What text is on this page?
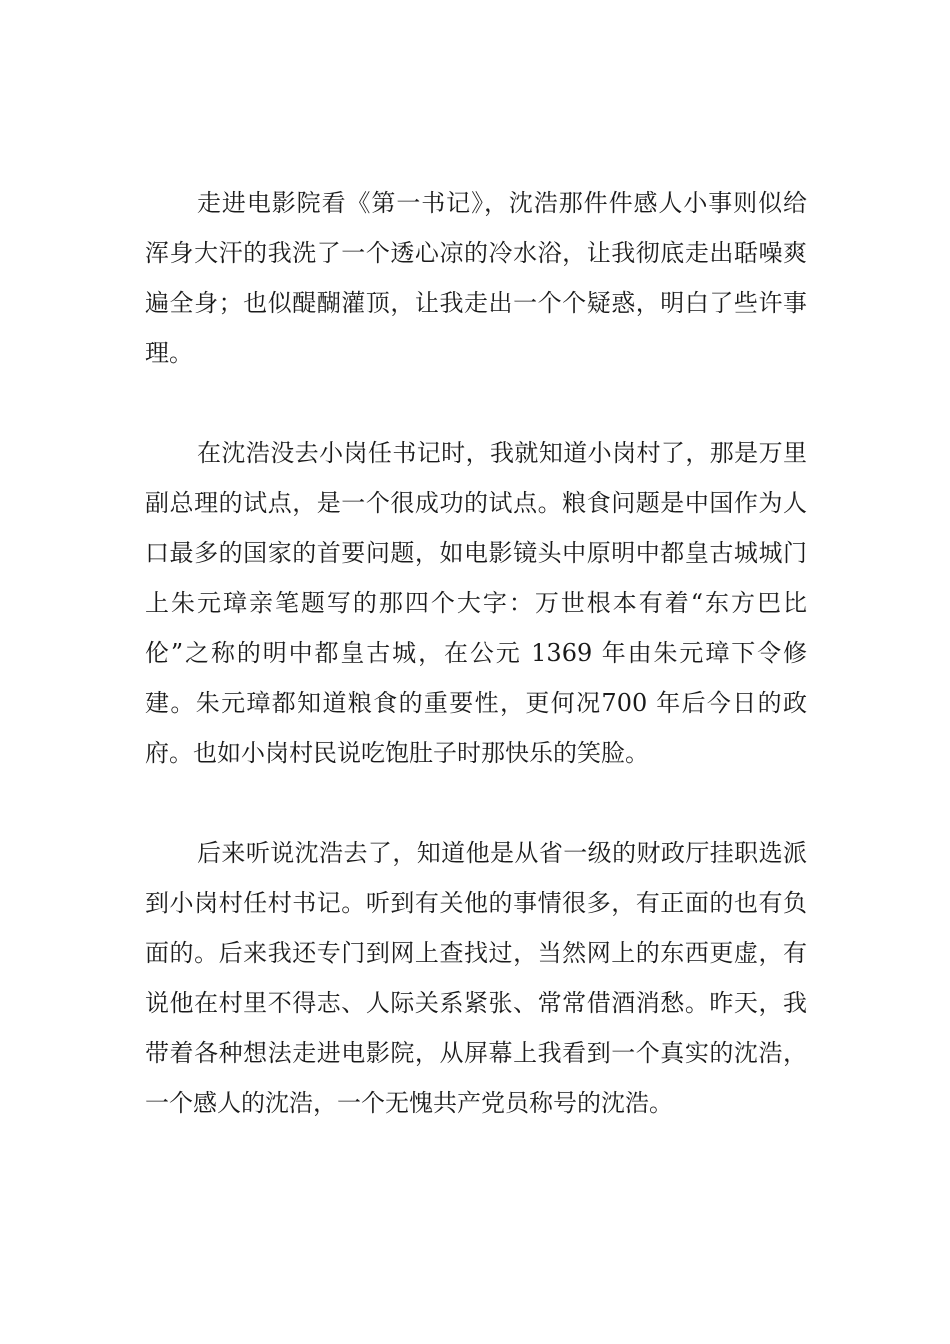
走进电影院看《第一书记》，沈浩那件件感人小事则似给浑身大汗的我洗了一个透心凉的冷水浴，让我彻底走出聒噪爽遍全身；也似醍醐灌顶，让我走出一个个疑惑，明白了些许事理。

在沈浩没去小岗任书记时，我就知道小岗村了，那是万里副总理的试点，是一个很成功的试点。粮食问题是中国作为人口最多的国家的首要问题，如电影镜头中原明中都皇古城城门上朱元璋亲笔题写的那四个大字：万世根本有着“东方巴比伦”之称的明中都皇古城，在公元 1369 年由朱元璋下令修建。朱元璋都知道粮食的重要性，更何况700 年后今日的政府。也如小岗村民说吃饱肚子时那快乐的笑脸。

后来听说沈浩去了，知道他是从省一级的财政厅挂职选派到小岗村任村书记。听到有关他的事情很多，有正面的也有负面的。后来我还专门到网上查找过，当然网上的东西更虚，有说他在村里不得志、人际关系紧张、常常借酒消愁。昨天，我带着各种想法走进电影院，从屏幕上我看到一个真实的沈浩，一个感人的沈浩，一个无愧共产党员称号的沈浩。
